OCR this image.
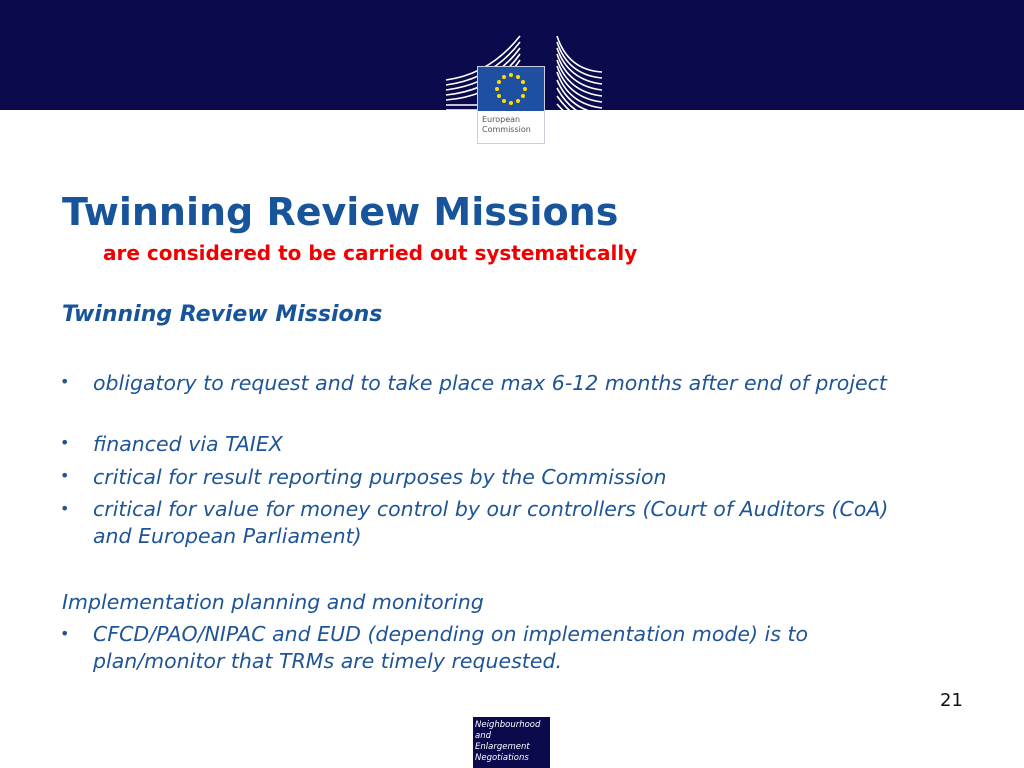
European Commission
Twinning Review Missions
are considered to be carried out systematically
Twinning Review Missions
• obligatory to request and to take place max 6-12 months after end of project
• financed via TAIEX
• critical for result reporting purposes by the Commission
• critical for value for money control by our controllers (Court of Auditors (CoA) and European Parliament)
Implementation planning and monitoring
• CFCD/PAO/NIPAC and EUD (depending on implementation mode) is to plan/monitor that TRMs are timely requested.
21
Neighbourhood and
Enlargement
Negotiations
